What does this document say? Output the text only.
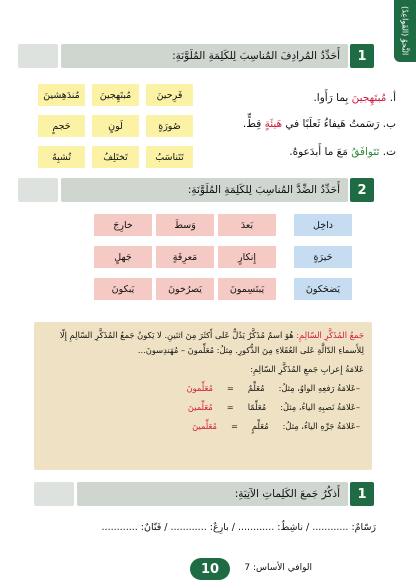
النَّحوُ (القَواعِدُ)
1
أَحَدِّدُ المُرادِفَ المُناسِبَ لِلكَلِمَةِ المُلَوَّنَةِ:

أ. مُبتَهِجينَ بِما رَأَوا.

ب. رَسَمتُ هَيفاءُ ثَعلَبًا في هَيئَةٍ قِطٍّ.

ت. تَتَوافَقُ مَعَ ما أَبدَعوهُ.

فَرِحينَ
مُبتَهِجينَ
مُندَهِشينَ
صُورَةٍ
لَونٍ
حَجمٍ
تَتَناسَبُ
تَختَلِفُ
تُشبِهُ
2
أَحَدِّدُ الضِّدَّ المُناسِبَ لِلكَلِمَةِ المُلَوَّنَةِ:
داخِل
حَيرَةٍ
يَضحَكونَ
بَعدَ
إِنكارٍ
يَبتَسِمونَ
وَسطَ
مَعرِفَةٍ
يَصرُخونَ
خارِجَ
جَهلٍ
يَبكونَ

جَمعُ المُذَكَّرِ السّالِمِ: هُوَ اسمٌ مُذَكَّرٌ يَدُلُّ عَلى أَكثَرَ مِنَ اثنَينِ. لا يَكونُ جَمعُ المُذَكَّرِ السّالِمِ إِلّا

لِلأَسماءِ الدّالَّةِ عَلى العُقَلاءِ مِنَ الذُّكورِ. مِثلُ: مُعَلِّمونَ – مُهَندِسونَ...

عَلامَةُ إِعرابِ جَمعِ المُذَكَّرِ السّالِمِ:

–عَلامَةُ رَفعِهِ الواوُ، مِثلُ:
مُعَلِّمٌ
=
مُعَلِّمونَ
–عَلامَةُ نَصبِهِ الياءُ، مِثلُ:
مُعَلِّمًا
=
مُعَلِّمينَ
–عَلامَةُ جَرِّهِ الياءُ، مِثلُ:
مُعَلِّمٍ
=
مُعَلِّمينَ
1
أَذكُرُ جَمعَ الكَلِماتِ الآتِيَةِ:

رَسّامٌ: ............ / ناشِطٌ: ............ / بارِعٌ: ............ / فَنّانٌ: ............

10	الوافي الأساس: 7
